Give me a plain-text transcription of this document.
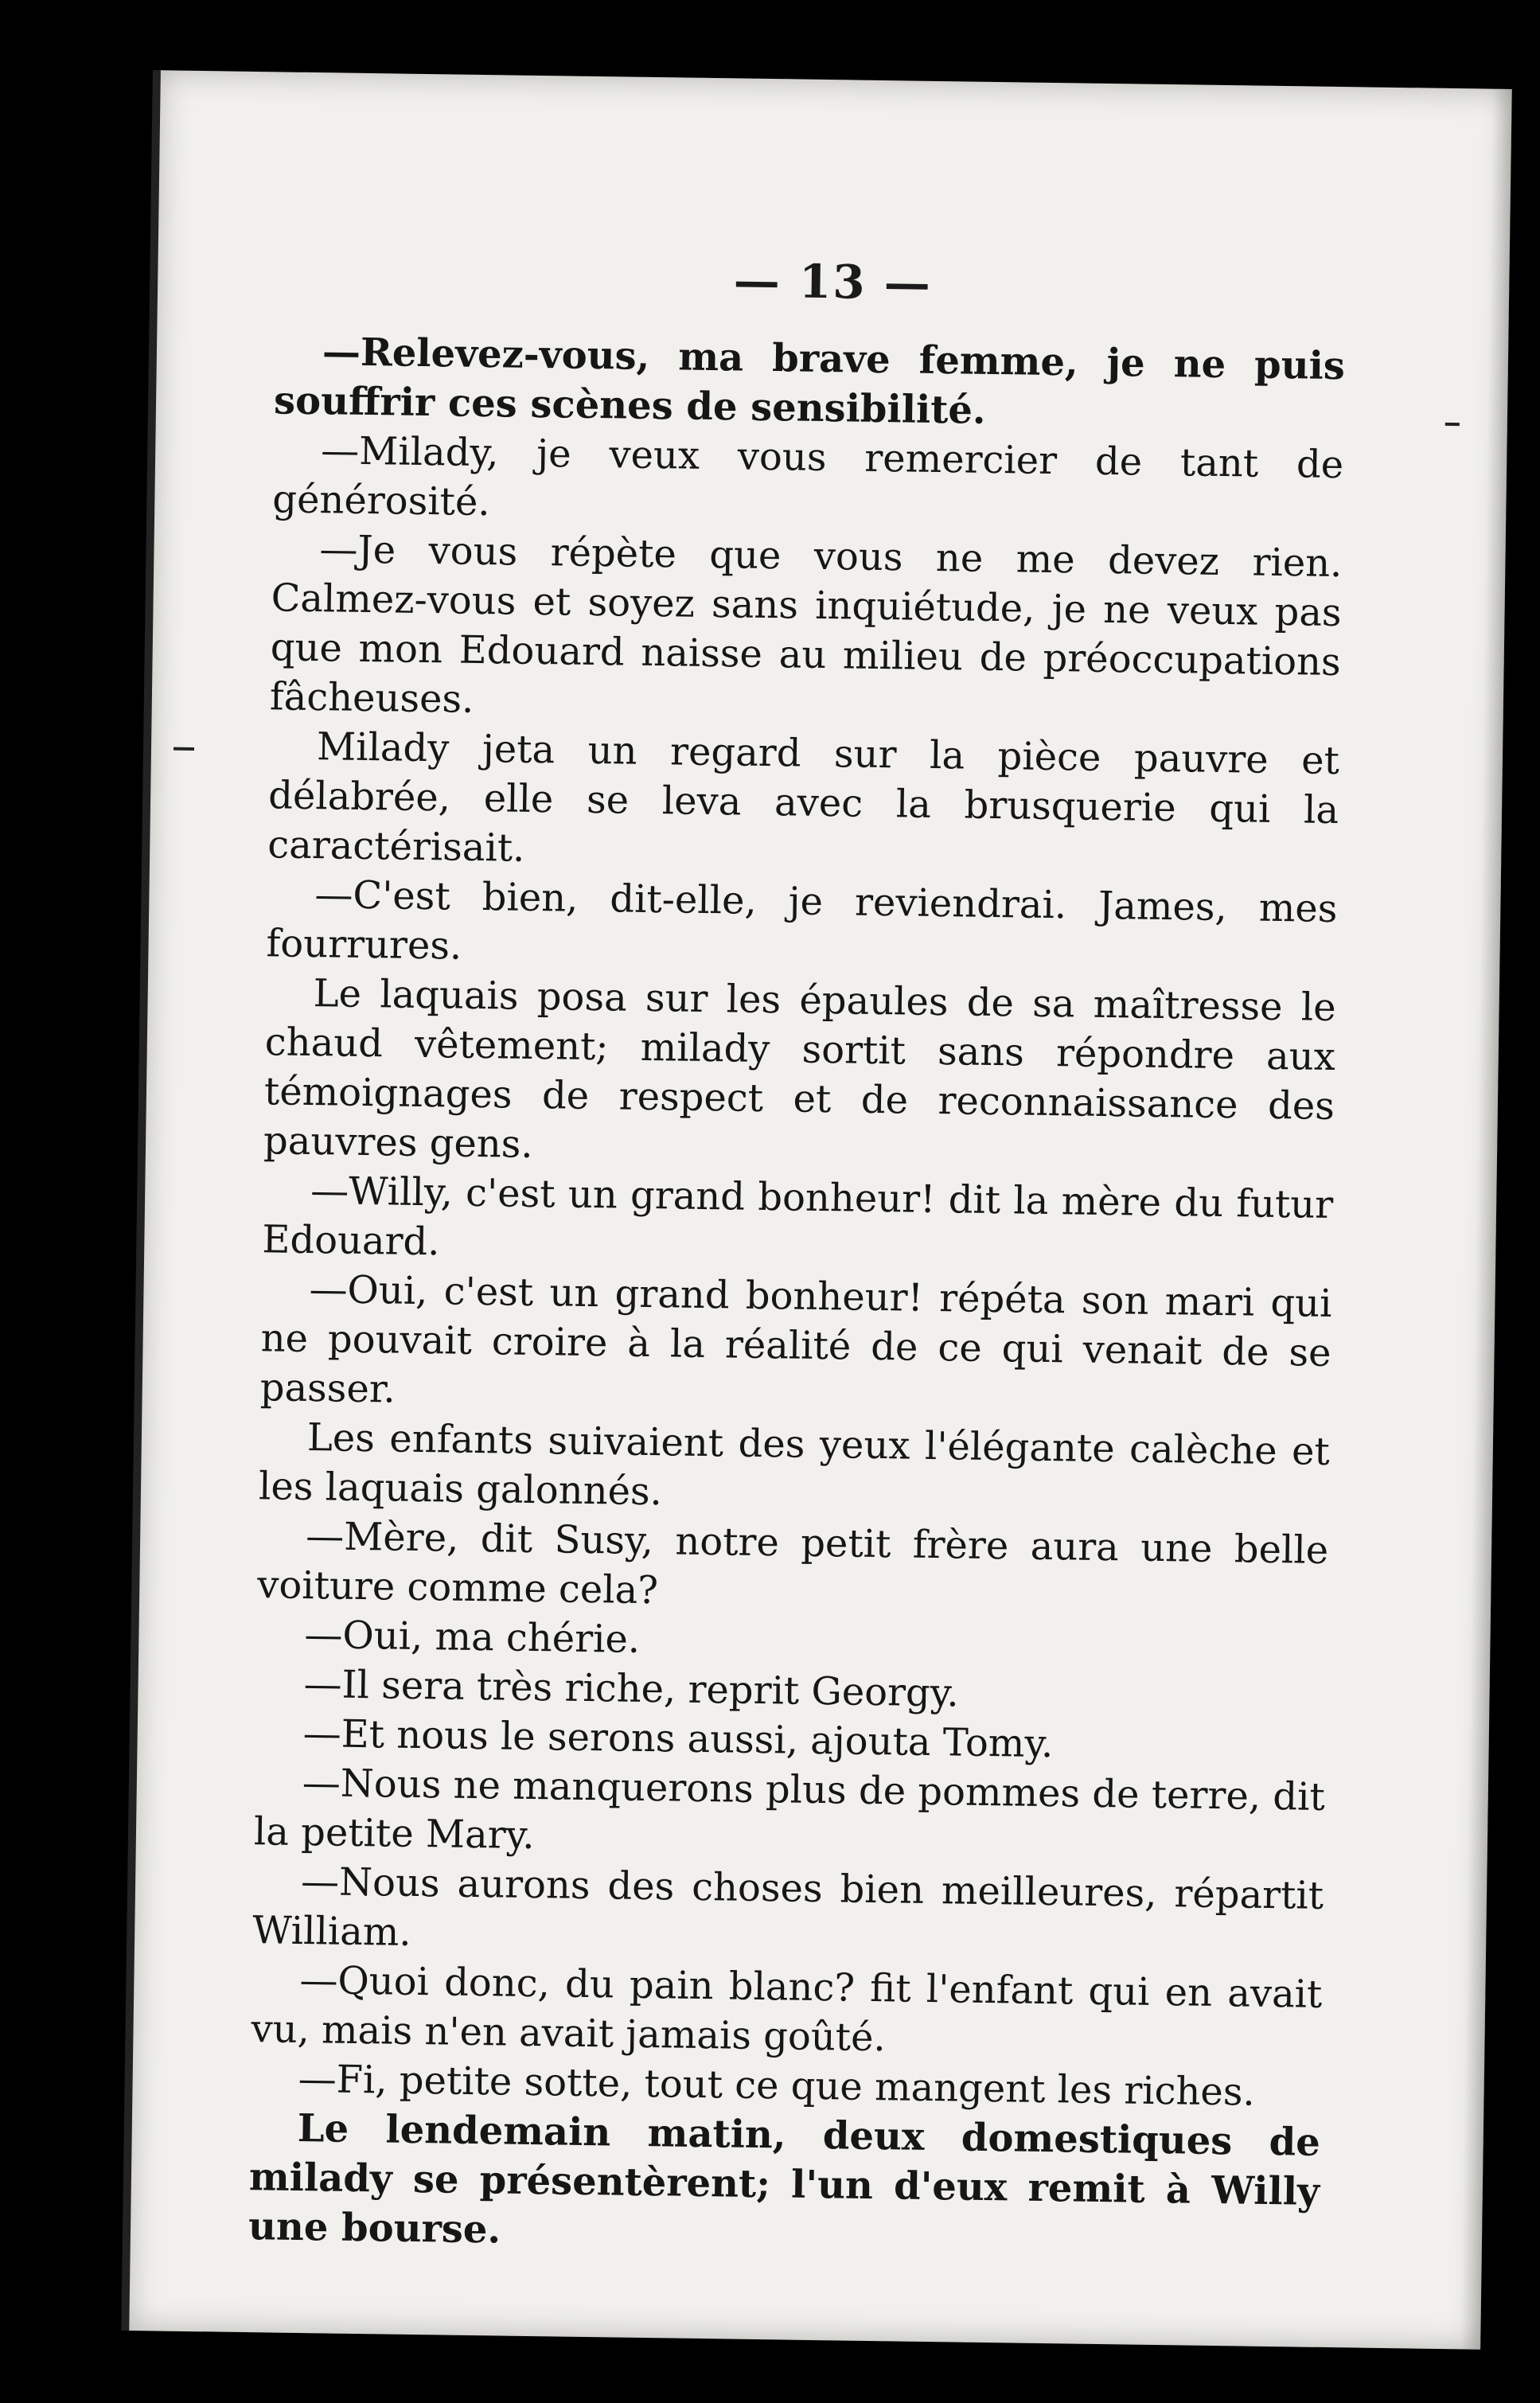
— 13 —

—Relevez-vous, ma brave femme, je ne puis souffrir ces scènes de sensibilité.

—Milady, je veux vous remercier de tant de générosité.

—Je vous répète que vous ne me devez rien. Calmez-vous et soyez sans inquiétude, je ne veux pas que mon Edouard naisse au milieu de préoccupations fâcheuses.

Milady jeta un regard sur la pièce pauvre et délabrée, elle se leva avec la brusquerie qui la caractérisait.

—C'est bien, dit-elle, je reviendrai. James, mes fourrures.

Le laquais posa sur les épaules de sa maîtresse le chaud vêtement; milady sortit sans répondre aux témoignages de respect et de reconnaissance des pauvres gens.

—Willy, c'est un grand bonheur! dit la mère du futur Edouard.

—Oui, c'est un grand bonheur! répéta son mari qui ne pouvait croire à la réalité de ce qui venait de se passer.

Les enfants suivaient des yeux l'élégante calèche et les laquais galonnés.

—Mère, dit Susy, notre petit frère aura une belle voiture comme cela?

—Oui, ma chérie.

—Il sera très riche, reprit Georgy.

—Et nous le serons aussi, ajouta Tomy.

—Nous ne manquerons plus de pommes de terre, dit la petite Mary.

—Nous aurons des choses bien meilleures, répartit William.

—Quoi donc, du pain blanc? fit l'enfant qui en avait vu, mais n'en avait jamais goûté.

—Fi, petite sotte, tout ce que mangent les riches.

Le lendemain matin, deux domestiques de milady se présentèrent; l'un d'eux remit à Willy une bourse.
